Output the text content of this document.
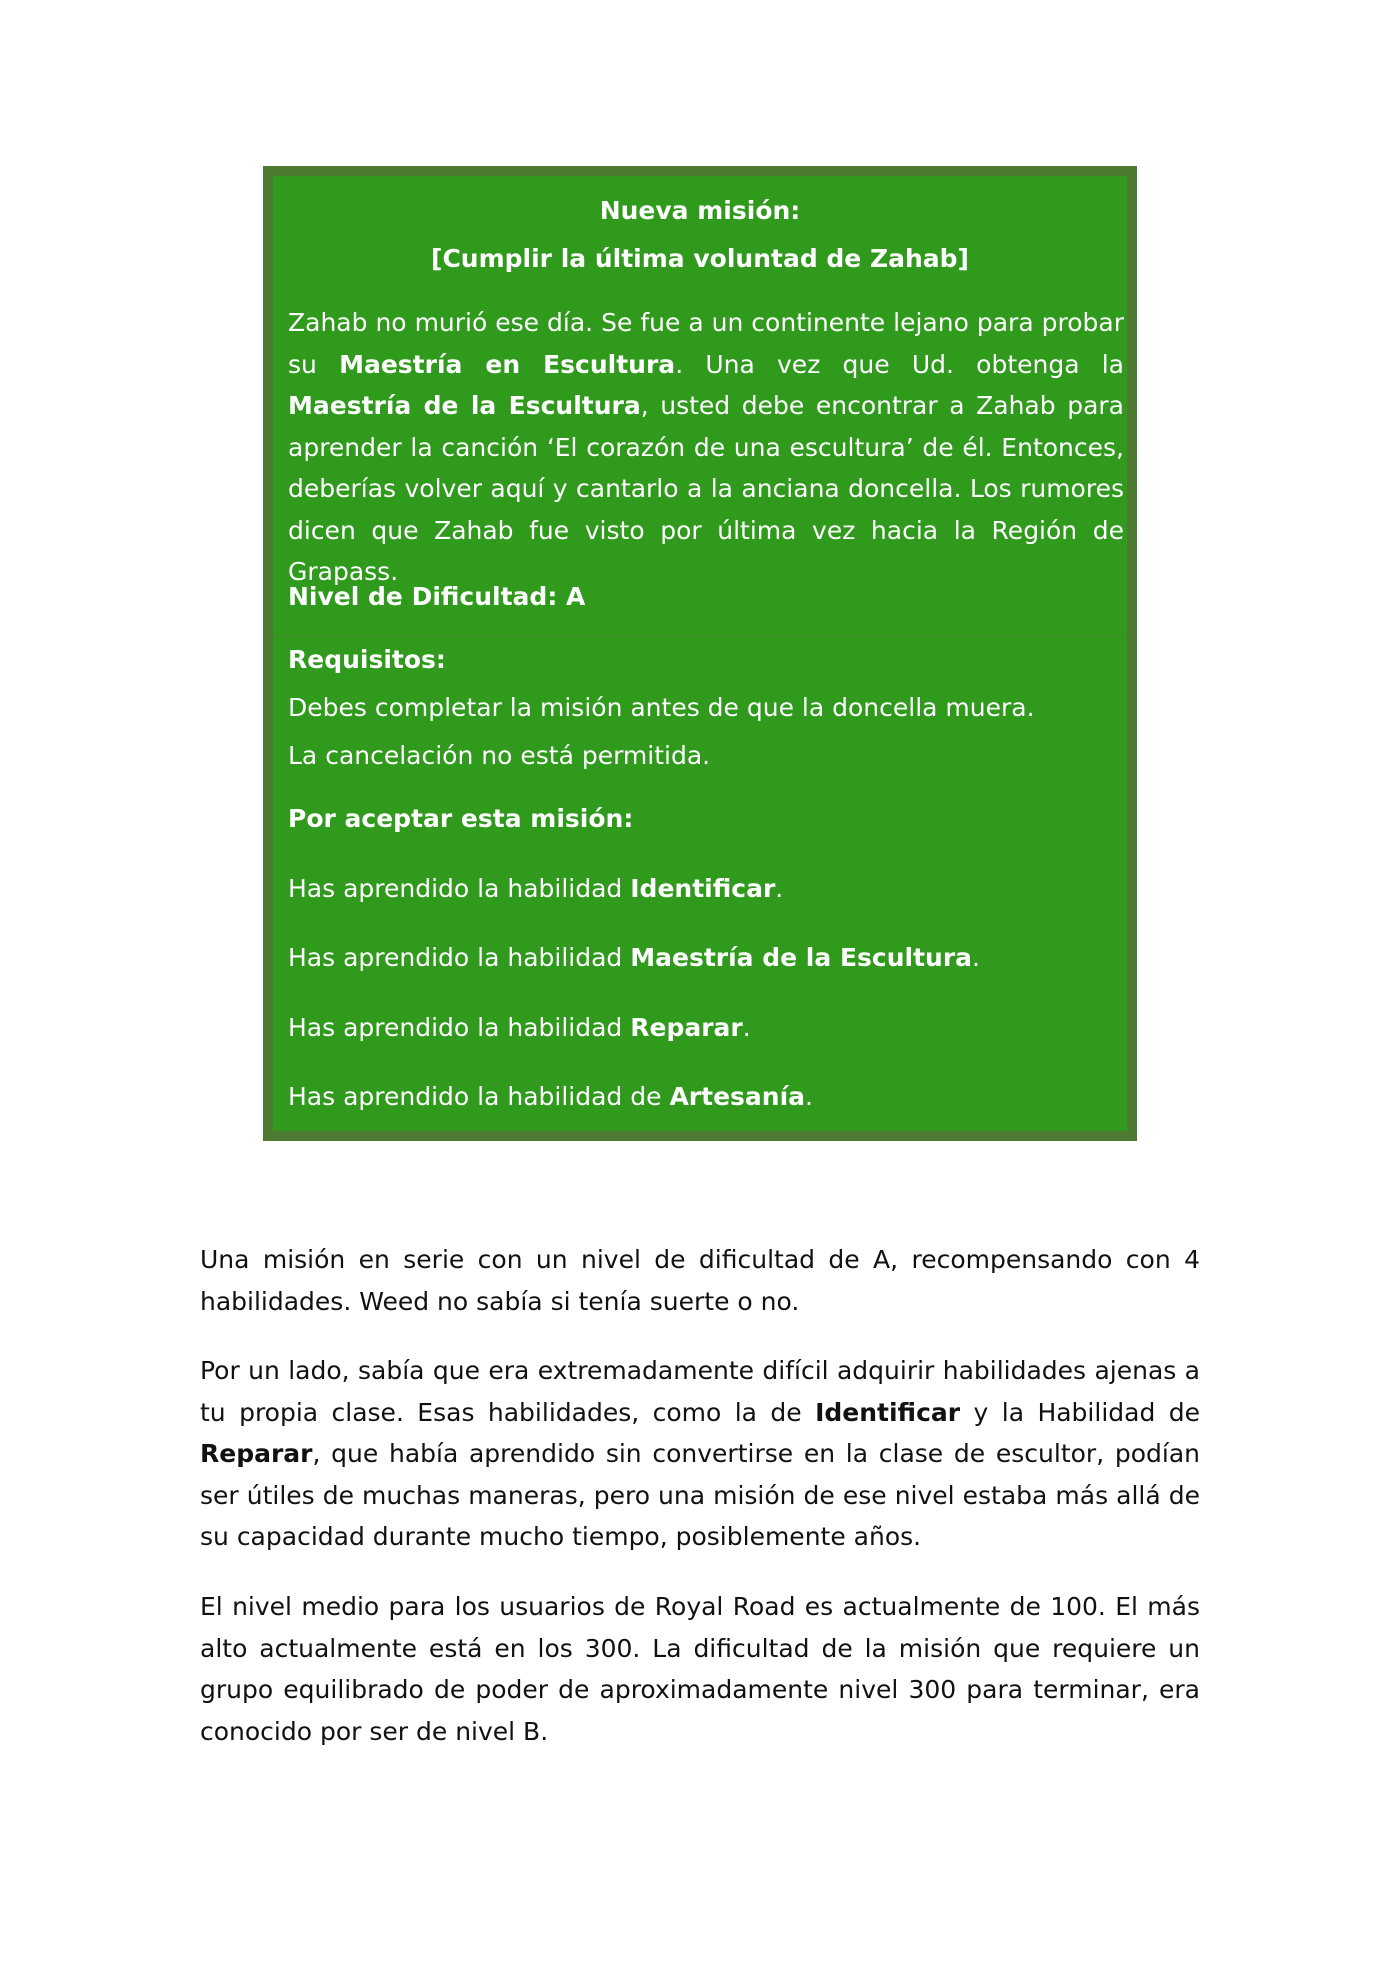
Nueva misión:
[Cumplir la última voluntad de Zahab]
Zahab no murió ese día. Se fue a un continente lejano para probar su Maestría en Escultura. Una vez que Ud. obtenga la Maestría de la Escultura, usted debe encontrar a Zahab para aprender la canción ‘El corazón de una escultura’ de él. Entonces, deberías volver aquí y cantarlo a la anciana doncella. Los rumores dicen que Zahab fue visto por última vez hacia la Región de Grapass.
Nivel de Dificultad: A
Requisitos:
Debes completar la misión antes de que la doncella muera.
La cancelación no está permitida.
Por aceptar esta misión:
Has aprendido la habilidad Identificar.
Has aprendido la habilidad Maestría de la Escultura.
Has aprendido la habilidad Reparar.
Has aprendido la habilidad de Artesanía.
Una misión en serie con un nivel de dificultad de A, recompensando con 4 habilidades. Weed no sabía si tenía suerte o no.
Por un lado, sabía que era extremadamente difícil adquirir habilidades ajenas a tu propia clase. Esas habilidades, como la de Identificar y la Habilidad de Reparar, que había aprendido sin convertirse en la clase de escultor, podían ser útiles de muchas maneras, pero una misión de ese nivel estaba más allá de su capacidad durante mucho tiempo, posiblemente años.
El nivel medio para los usuarios de Royal Road es actualmente de 100. El más alto actualmente está en los 300. La dificultad de la misión que requiere un grupo equilibrado de poder de aproximadamente nivel 300 para terminar, era conocido por ser de nivel B.
